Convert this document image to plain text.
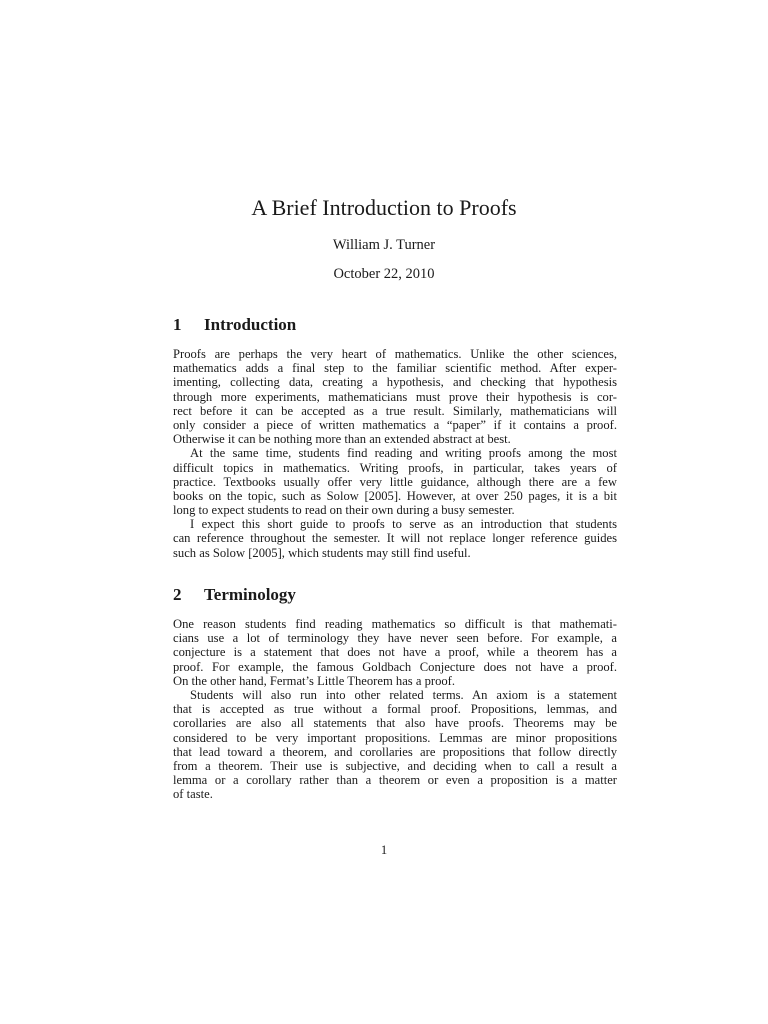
A Brief Introduction to Proofs
William J. Turner
October 22, 2010
1 Introduction
Proofs are perhaps the very heart of mathematics. Unlike the other sciences,
mathematics adds a final step to the familiar scientific method. After exper-
imenting, collecting data, creating a hypothesis, and checking that hypothesis
through more experiments, mathematicians must prove their hypothesis is cor-
rect before it can be accepted as a true result. Similarly, mathematicians will
only consider a piece of written mathematics a “paper” if it contains a proof.
Otherwise it can be nothing more than an extended abstract at best.
At the same time, students find reading and writing proofs among the most
difficult topics in mathematics. Writing proofs, in particular, takes years of
practice. Textbooks usually offer very little guidance, although there are a few
books on the topic, such as Solow [2005]. However, at over 250 pages, it is a bit
long to expect students to read on their own during a busy semester.
I expect this short guide to proofs to serve as an introduction that students
can reference throughout the semester. It will not replace longer reference guides
such as Solow [2005], which students may still find useful.
2 Terminology
One reason students find reading mathematics so difficult is that mathemati-
cians use a lot of terminology they have never seen before. For example, a
conjecture is a statement that does not have a proof, while a theorem has a
proof. For example, the famous Goldbach Conjecture does not have a proof.
On the other hand, Fermat’s Little Theorem has a proof.
Students will also run into other related terms. An axiom is a statement
that is accepted as true without a formal proof. Propositions, lemmas, and
corollaries are also all statements that also have proofs. Theorems may be
considered to be very important propositions. Lemmas are minor propositions
that lead toward a theorem, and corollaries are propositions that follow directly
from a theorem. Their use is subjective, and deciding when to call a result a
lemma or a corollary rather than a theorem or even a proposition is a matter
of taste.
1
